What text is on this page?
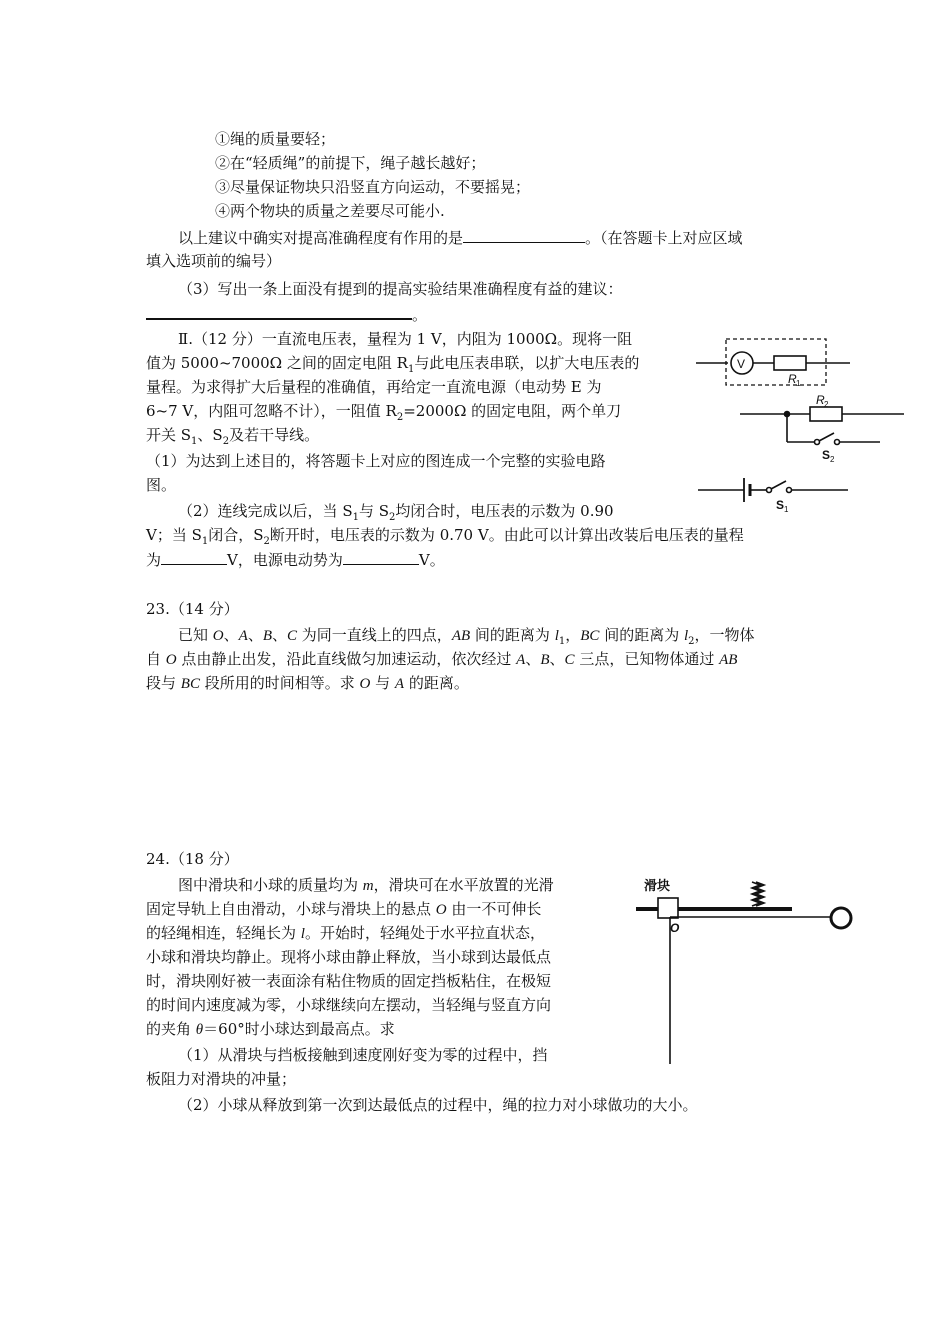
①绳的质量要轻；
②在“轻质绳”的前提下，绳子越长越好；
③尽量保证物块只沿竖直方向运动，不要摇晃；
④两个物块的质量之差要尽可能小.
以上建议中确实对提高准确程度有作用的是	。（在答题卡上对应区域
填入选项前的编号）
（3）写出一条上面没有提到的提高实验结果准确程度有益的建议：
。
Ⅱ.（12 分）一直流电压表，量程为 1 V，内阻为 1000Ω。现将一阻
值为 5000~7000Ω 之间的固定电阻 $R_1$与此电压表串联，以扩大电压表的
量程。为求得扩大后量程的准确值，再给定一直流电源（电动势 E 为
6~7 V，内阻可忽略不计），一阻值 $R_2=2000\Omega$ 的固定电阻，两个单刀
开关 $S_1$、$S_2$及若干导线。
（1）为达到上述目的，将答题卡上对应的图连成一个完整的实验电路
图。
（2）连线完成以后，当 $S_1$与 $S_2$均闭合时，电压表的示数为 0.90
V；当 $S_1$闭合，$S_2$断开时，电压表的示数为 0.70 V。由此可以计算出改装后电压表的量程
为	V，电源电动势为	V。
V
R 1
R 2
S 2
S 1
23.（14 分）
已知 O、A、B、C 为同一直线上的四点，AB 间的距离为 $l_1$，BC 间的距离为 $l_2$，一物体
自 O 点由静止出发，沿此直线做匀加速运动，依次经过 A、B、C 三点，已知物体通过 AB
段与 BC 段所用的时间相等。求 O 与 A 的距离。
24.（18 分）
图中滑块和小球的质量均为 m，滑块可在水平放置的光滑
固定导轨上自由滑动，小球与滑块上的悬点 O 由一不可伸长
的轻绳相连，轻绳长为 l。开始时，轻绳处于水平拉直状态，
小球和滑块均静止。现将小球由静止释放，当小球到达最低点
时，滑块刚好被一表面涂有粘住物质的固定挡板粘住，在极短
的时间内速度减为零，小球继续向左摆动，当轻绳与竖直方向
的夹角 θ＝60°时小球达到最高点。求
（1）从滑块与挡板接触到速度刚好变为零的过程中，挡
板阻力对滑块的冲量；
（2）小球从释放到第一次到达最低点的过程中，绳的拉力对小球做功的大小。
滑块
O
